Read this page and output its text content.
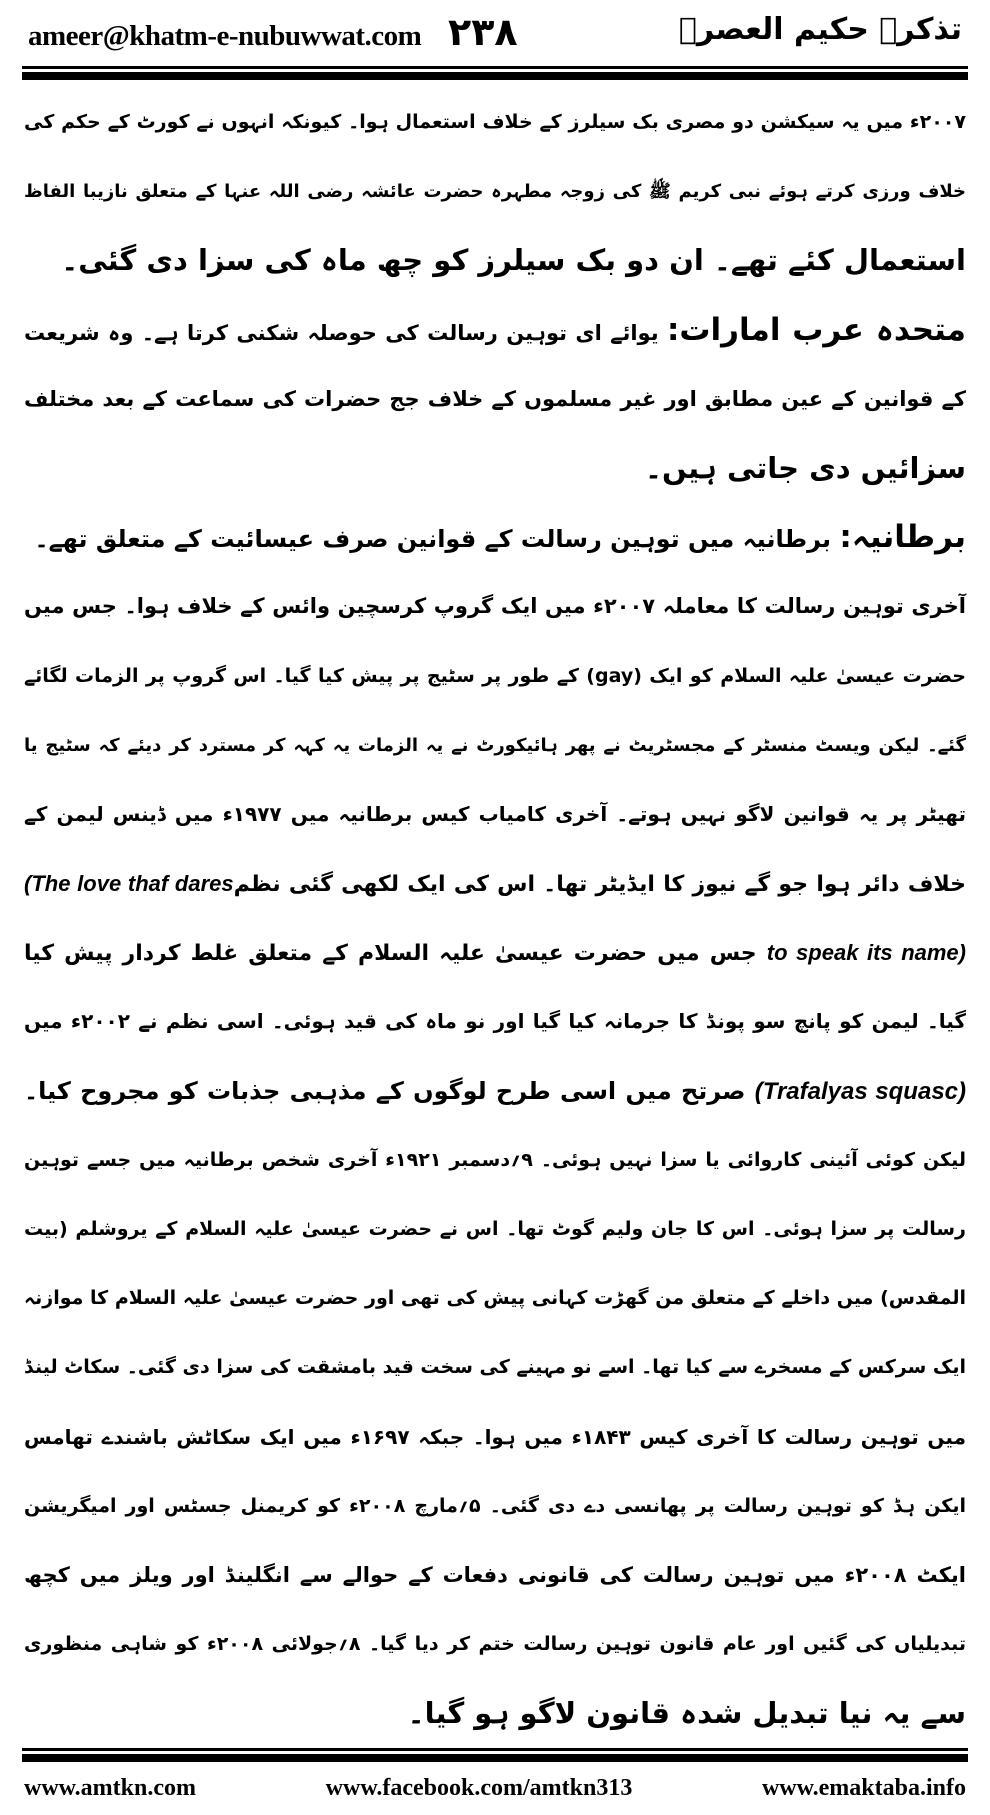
ameer@khatm-e-nubuwwat.com ۲۳۸	تذکرہ حکیم العصرؒ
۲۰۰۷ء میں یہ سیکشن دو مصری بک سیلرز کے خلاف استعمال ہوا۔ کیونکہ انہوں نے کورٹ کے حکم کی
خلاف ورزی کرتے ہوئے نبی کریم ﷺ کی زوجہ مطہرہ حضرت عائشہ رضی اللہ عنہا کے متعلق نازیبا الفاظ
استعمال کئے تھے۔ ان دو بک سیلرز کو چھ ماہ کی سزا دی گئی۔
متحدہ عرب امارات: یوائے ای توہین رسالت کی حوصلہ شکنی کرتا ہے۔ وہ شریعت
کے قوانین کے عین مطابق اور غیر مسلموں کے خلاف جج حضرات کی سماعت کے بعد مختلف
سزائیں دی جاتی ہیں۔
برطانیہ: برطانیہ میں توہین رسالت کے قوانین صرف عیسائیت کے متعلق تھے۔
آخری توہین رسالت کا معاملہ ۲۰۰۷ء میں ایک گروپ کرسچین وائس کے خلاف ہوا۔ جس میں
حضرت عیسیٰ علیہ السلام کو ایک (gay) کے طور پر سٹیج پر پیش کیا گیا۔ اس گروپ پر الزمات لگائے
گئے۔ لیکن ویسٹ منسٹر کے مجسٹریٹ نے پھر ہائیکورٹ نے یہ الزمات یہ کہہ کر مسترد کر دیئے کہ سٹیج یا
تھیٹر پر یہ قوانین لاگو نہیں ہوتے۔ آخری کامیاب کیس برطانیہ میں ۱۹۷۷ء میں ڈینس لیمن کے
خلاف دائر ہوا جو گے نیوز کا ایڈیٹر تھا۔ اس کی ایک لکھی گئی نظم(The love thaf dares
to speak its name) جس میں حضرت عیسیٰ علیہ السلام کے متعلق غلط کردار پیش کیا
گیا۔ لیمن کو پانچ سو پونڈ کا جرمانہ کیا گیا اور نو ماہ کی قید ہوئی۔ اسی نظم نے ۲۰۰۲ء میں
(Trafalyas squasc) صرتح میں اسی طرح لوگوں کے مذہبی جذبات کو مجروح کیا۔
لیکن کوئی آئینی کاروائی یا سزا نہیں ہوئی۔ ۹؍دسمبر ۱۹۲۱ء آخری شخص برطانیہ میں جسے توہین
رسالت پر سزا ہوئی۔ اس کا جان ولیم گوٹ تھا۔ اس نے حضرت عیسیٰ علیہ السلام کے یروشلم (بیت
المقدس) میں داخلے کے متعلق من گھڑت کہانی پیش کی تھی اور حضرت عیسیٰ علیہ السلام کا موازنہ
ایک سرکس کے مسخرے سے کیا تھا۔ اسے نو مہینے کی سخت قید بامشقت کی سزا دی گئی۔ سکاٹ لینڈ
میں توہین رسالت کا آخری کیس ۱۸۴۳ء میں ہوا۔ جبکہ ۱۶۹۷ء میں ایک سکاٹش باشندے تھامس
ایکن ہڈ کو توہین رسالت پر پھانسی دے دی گئی۔ ۵؍مارچ ۲۰۰۸ء کو کریمنل جسٹس اور امیگریشن
ایکٹ ۲۰۰۸ء میں توہین رسالت کی قانونی دفعات کے حوالے سے انگلینڈ اور ویلز میں کچھ
تبدیلیاں کی گئیں اور عام قانون توہین رسالت ختم کر دیا گیا۔ ۸؍جولائی ۲۰۰۸ء کو شاہی منظوری
سے یہ نیا تبدیل شدہ قانون لاگو ہو گیا۔
www.amtkn.com	www.facebook.com/amtkn313	www.emaktaba.info
